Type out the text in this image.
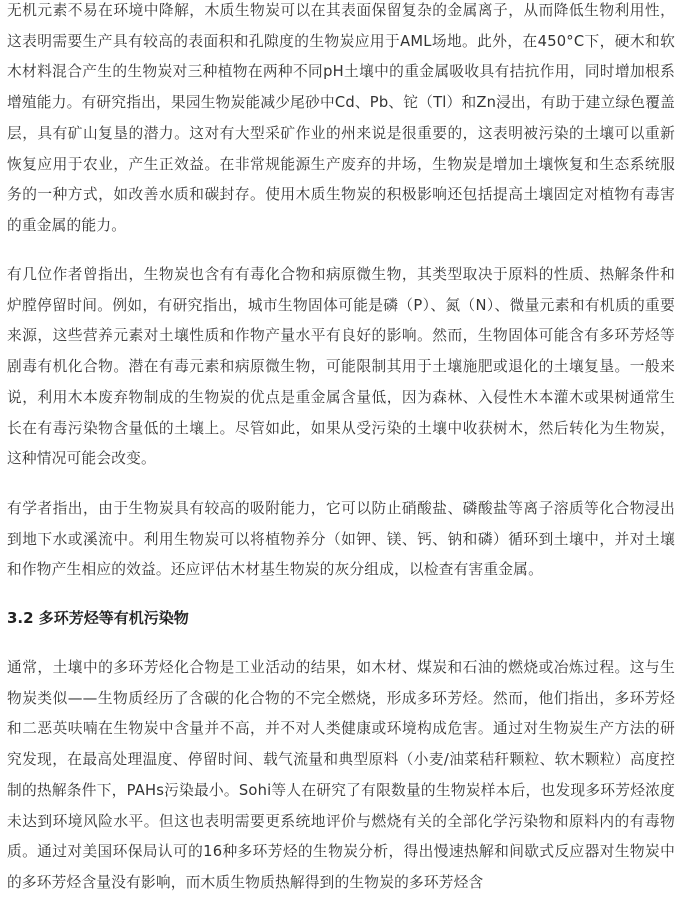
无机元素不易在环境中降解，木质生物炭可以在其表面保留复杂的金属离子，从而降低生物利用性，这表明需要生产具有较高的表面积和孔隙度的生物炭应用于AML场地。此外，在450°C下，硬木和软木材料混合产生的生物炭对三种植物在两种不同pH土壤中的重金属吸收具有拮抗作用，同时增加根系增殖能力。有研究指出，果园生物炭能减少尾砂中Cd、Pb、铊（Tl）和Zn浸出，有助于建立绿色覆盖层，具有矿山复垦的潜力。这对有大型采矿作业的州来说是很重要的，这表明被污染的土壤可以重新恢复应用于农业，产生正效益。在非常规能源生产废弃的井场，生物炭是增加土壤恢复和生态系统服务的一种方式，如改善水质和碳封存。使用木质生物炭的积极影响还包括提高土壤固定对植物有毒害的重金属的能力。

有几位作者曾指出，生物炭也含有有毒化合物和病原微生物，其类型取决于原料的性质、热解条件和炉膛停留时间。例如，有研究指出，城市生物固体可能是磷（P）、氮（N）、微量元素和有机质的重要来源，这些营养元素对土壤性质和作物产量水平有良好的影响。然而，生物固体可能含有多环芳烃等剧毒有机化合物。潜在有毒元素和病原微生物，可能限制其用于土壤施肥或退化的土壤复垦。一般来说，利用木本废弃物制成的生物炭的优点是重金属含量低，因为森林、入侵性木本灌木或果树通常生长在有毒污染物含量低的土壤上。尽管如此，如果从受污染的土壤中收获树木，然后转化为生物炭，这种情况可能会改变。

有学者指出，由于生物炭具有较高的吸附能力，它可以防止硝酸盐、磷酸盐等离子溶质等化合物浸出到地下水或溪流中。利用生物炭可以将植物养分（如钾、镁、钙、钠和磷）循环到土壤中，并对土壤和作物产生相应的效益。还应评估木材基生物炭的灰分组成，以检查有害重金属。

3.2 多环芳烃等有机污染物

通常，土壤中的多环芳烃化合物是工业活动的结果，如木材、煤炭和石油的燃烧或冶炼过程。这与生物炭类似——生物质经历了含碳的化合物的不完全燃烧，形成多环芳烃。然而，他们指出，多环芳烃和二恶英呋喃在生物炭中含量并不高，并不对人类健康或环境构成危害。通过对生物炭生产方法的研究发现，在最高处理温度、停留时间、载气流量和典型原料（小麦/油菜秸秆颗粒、软木颗粒）高度控制的热解条件下，PAHs污染最小。Sohi等人在研究了有限数量的生物炭样本后，也发现多环芳烃浓度未达到环境风险水平。但这也表明需要更系统地评价与燃烧有关的全部化学污染物和原料内的有毒物质。通过对美国环保局认可的16种多环芳烃的生物炭分析，得出慢速热解和间歇式反应器对生物炭中的多环芳烃含量没有影响，而木质生物质热解得到的生物炭的多环芳烃含
